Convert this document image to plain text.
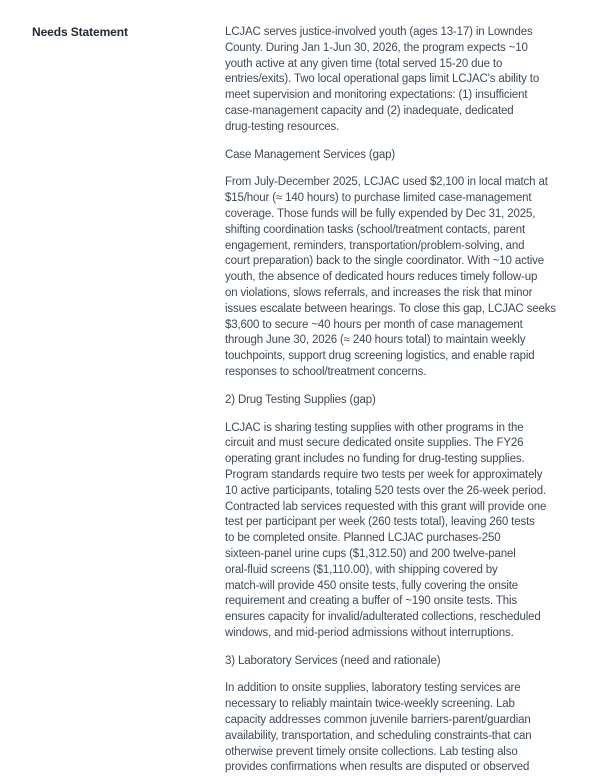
Needs Statement	LCJAC serves justice-involved youth (ages 13-17) in Lowndes
County. During Jan 1-Jun 30, 2026, the program expects ~10
youth active at any given time (total served 15-20 due to
entries/exits). Two local operational gaps limit LCJAC's ability to
meet supervision and monitoring expectations: (1) insufficient
case-management capacity and (2) inadequate, dedicated
drug-testing resources.
Case Management Services (gap)
From July-December 2025, LCJAC used $2,100 in local match at
$15/hour (≈ 140 hours) to purchase limited case-management
coverage. Those funds will be fully expended by Dec 31, 2025,
shifting coordination tasks (school/treatment contacts, parent
engagement, reminders, transportation/problem-solving, and
court preparation) back to the single coordinator. With ~10 active
youth, the absence of dedicated hours reduces timely follow-up
on violations, slows referrals, and increases the risk that minor
issues escalate between hearings. To close this gap, LCJAC seeks
$3,600 to secure ~40 hours per month of case management
through June 30, 2026 (≈ 240 hours total) to maintain weekly
touchpoints, support drug screening logistics, and enable rapid
responses to school/treatment concerns.
2) Drug Testing Supplies (gap)
LCJAC is sharing testing supplies with other programs in the
circuit and must secure dedicated onsite supplies. The FY26
operating grant includes no funding for drug-testing supplies.
Program standards require two tests per week for approximately
10 active participants, totaling 520 tests over the 26-week period.
Contracted lab services requested with this grant will provide one
test per participant per week (260 tests total), leaving 260 tests
to be completed onsite. Planned LCJAC purchases-250
sixteen-panel urine cups ($1,312.50) and 200 twelve-panel
oral-fluid screens ($1,110.00), with shipping covered by
match-will provide 450 onsite tests, fully covering the onsite
requirement and creating a buffer of ~190 onsite tests. This
ensures capacity for invalid/adulterated collections, rescheduled
windows, and mid-period admissions without interruptions.
3) Laboratory Services (need and rationale)
In addition to onsite supplies, laboratory testing services are
necessary to reliably maintain twice-weekly screening. Lab
capacity addresses common juvenile barriers-parent/guardian
availability, transportation, and scheduling constraints-that can
otherwise prevent timely onsite collections. Lab testing also
provides confirmations when results are disputed or observed
